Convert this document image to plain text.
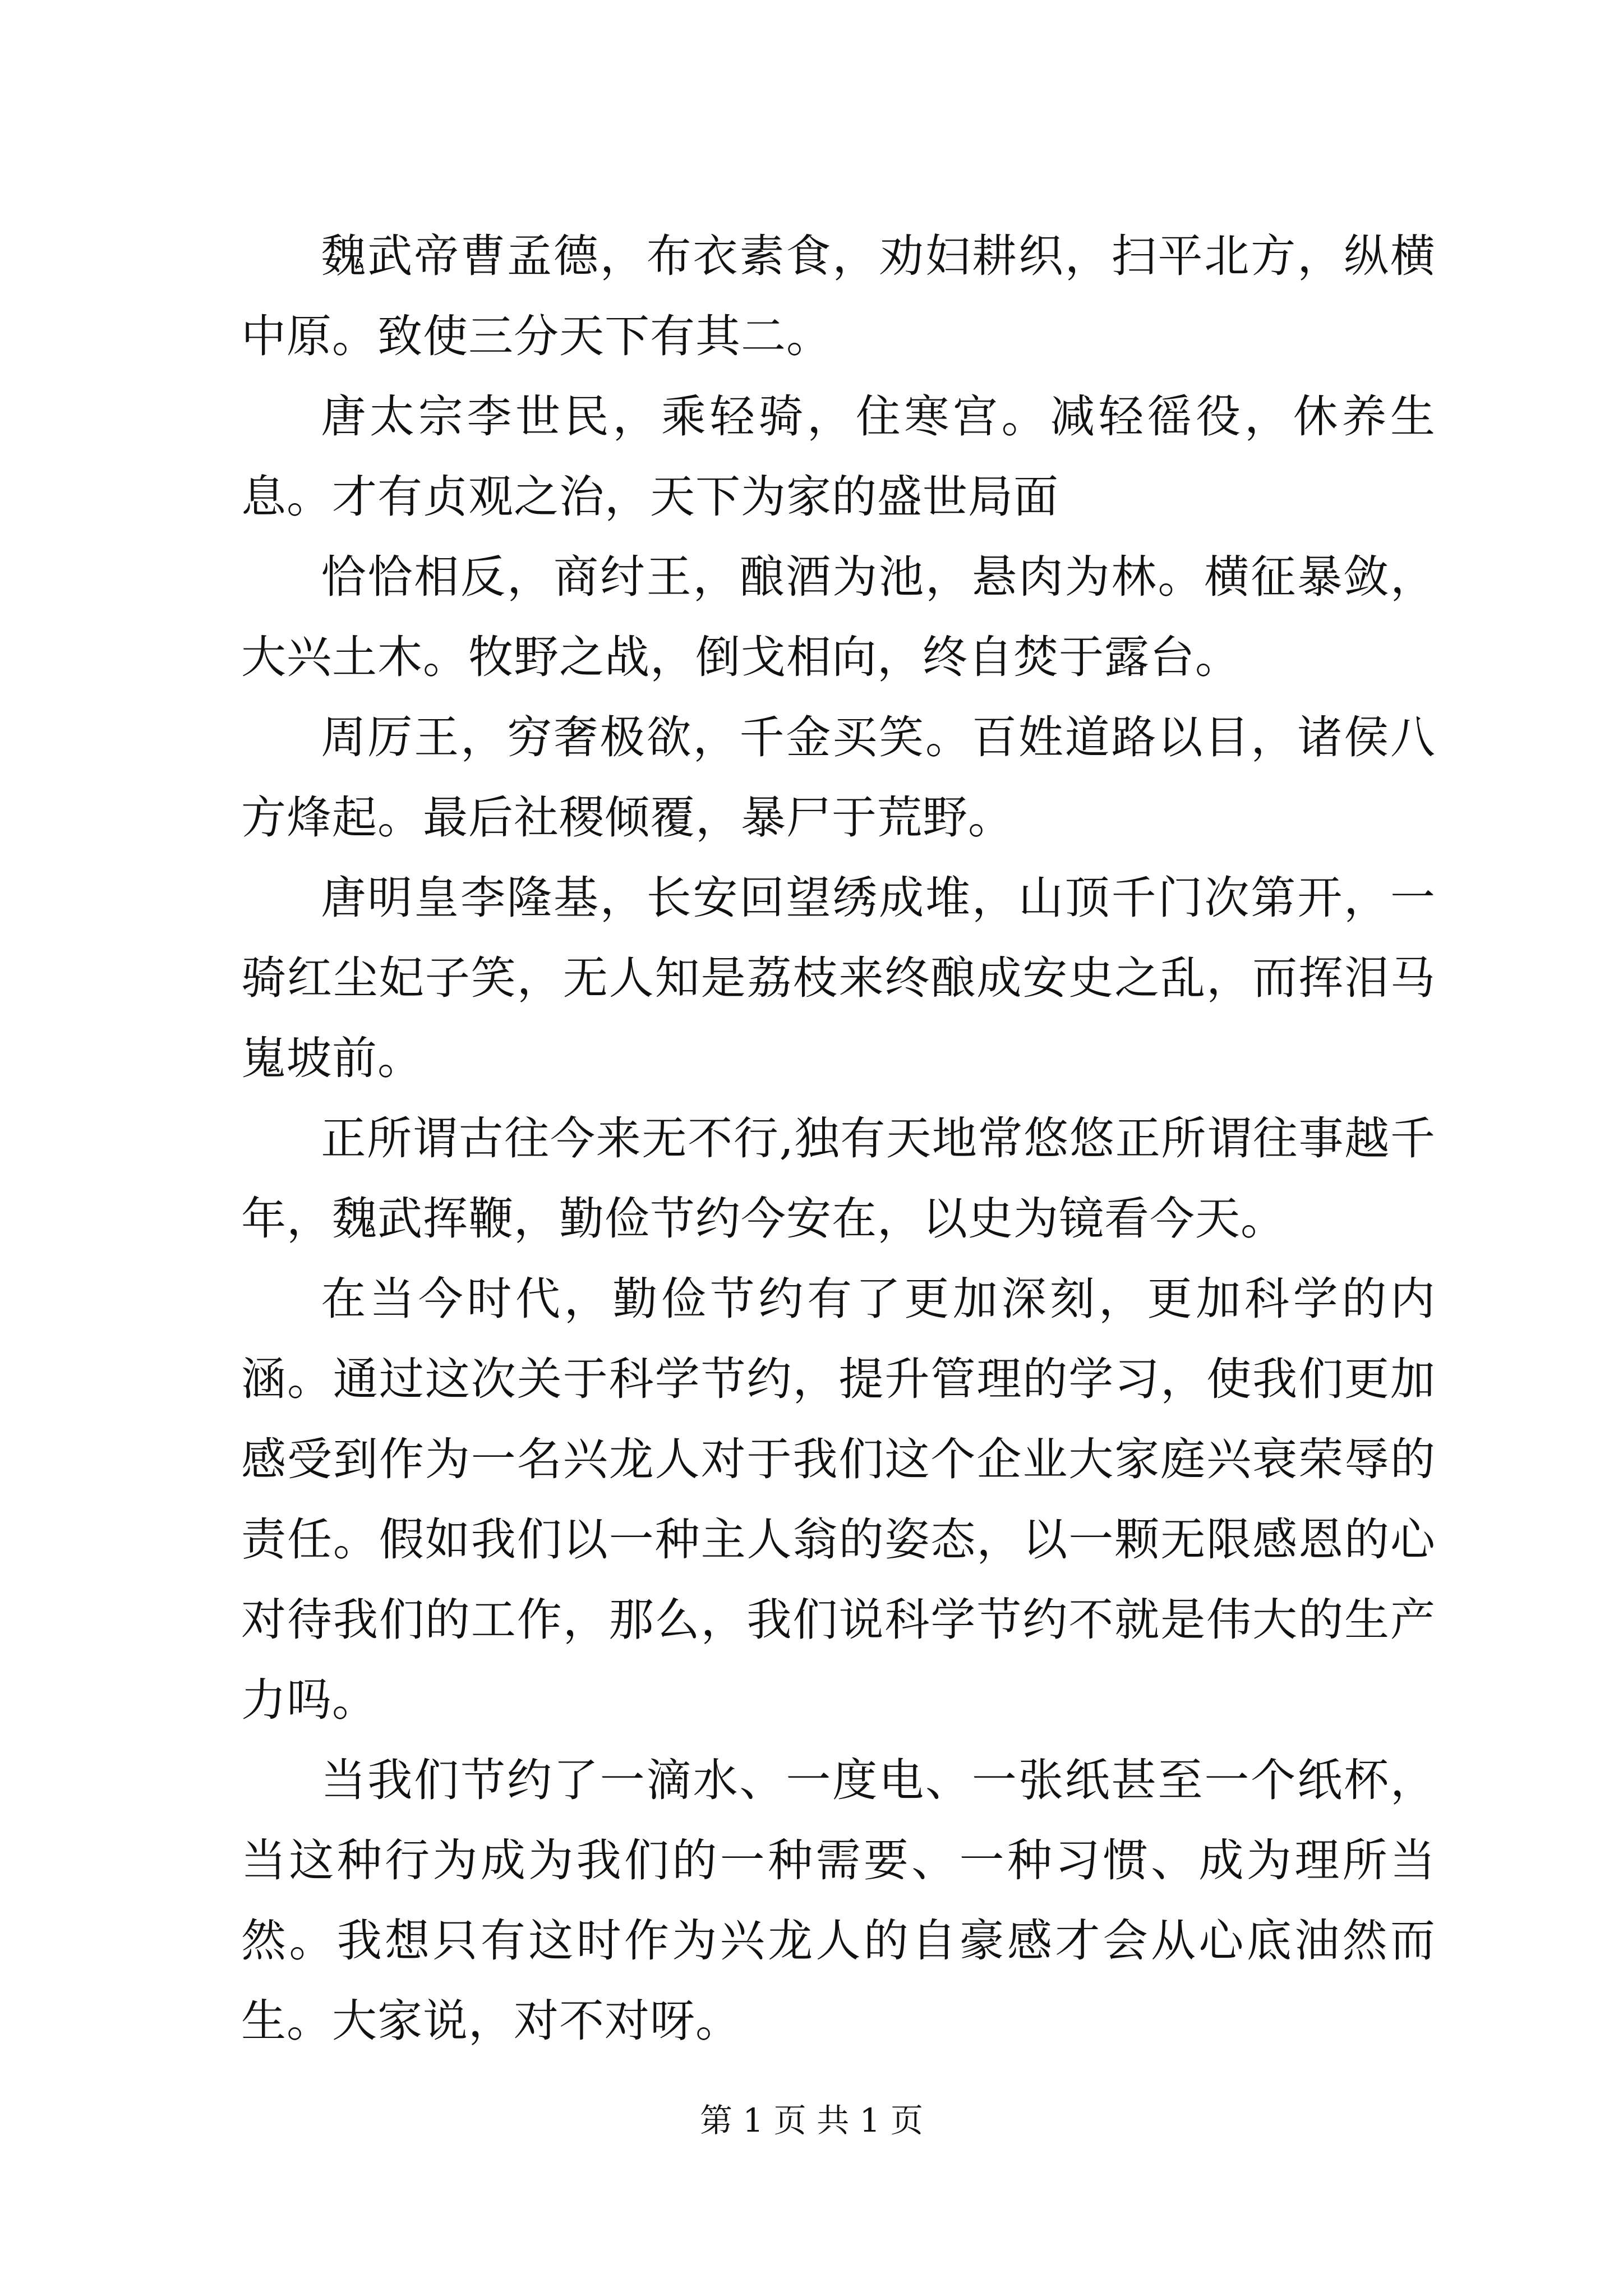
魏武帝曹孟德，布衣素食，劝妇耕织，扫平北方，纵横中原。致使三分天下有其二。

唐太宗李世民，乘轻骑，住寒宫。减轻徭役，休养生息。才有贞观之治，天下为家的盛世局面

恰恰相反，商纣王，酿酒为池，悬肉为林。横征暴敛，大兴土木。牧野之战，倒戈相向，终自焚于露台。

周厉王，穷奢极欲，千金买笑。百姓道路以目，诸侯八方烽起。最后社稷倾覆，暴尸于荒野。

唐明皇李隆基，长安回望绣成堆，山顶千门次第开，一骑红尘妃子笑，无人知是荔枝来终酿成安史之乱，而挥泪马嵬坡前。

正所谓古往今来无不行,独有天地常悠悠正所谓往事越千年，魏武挥鞭，勤俭节约今安在，以史为镜看今天。

在当今时代，勤俭节约有了更加深刻，更加科学的内涵。通过这次关于科学节约，提升管理的学习，使我们更加感受到作为一名兴龙人对于我们这个企业大家庭兴衰荣辱的责任。假如我们以一种主人翁的姿态，以一颗无限感恩的心对待我们的工作，那么，我们说科学节约不就是伟大的生产力吗。

当我们节约了一滴水、一度电、一张纸甚至一个纸杯，当这种行为成为我们的一种需要、一种习惯、成为理所当然。我想只有这时作为兴龙人的自豪感才会从心底油然而生。大家说，对不对呀。

第 1 页 共 1 页
